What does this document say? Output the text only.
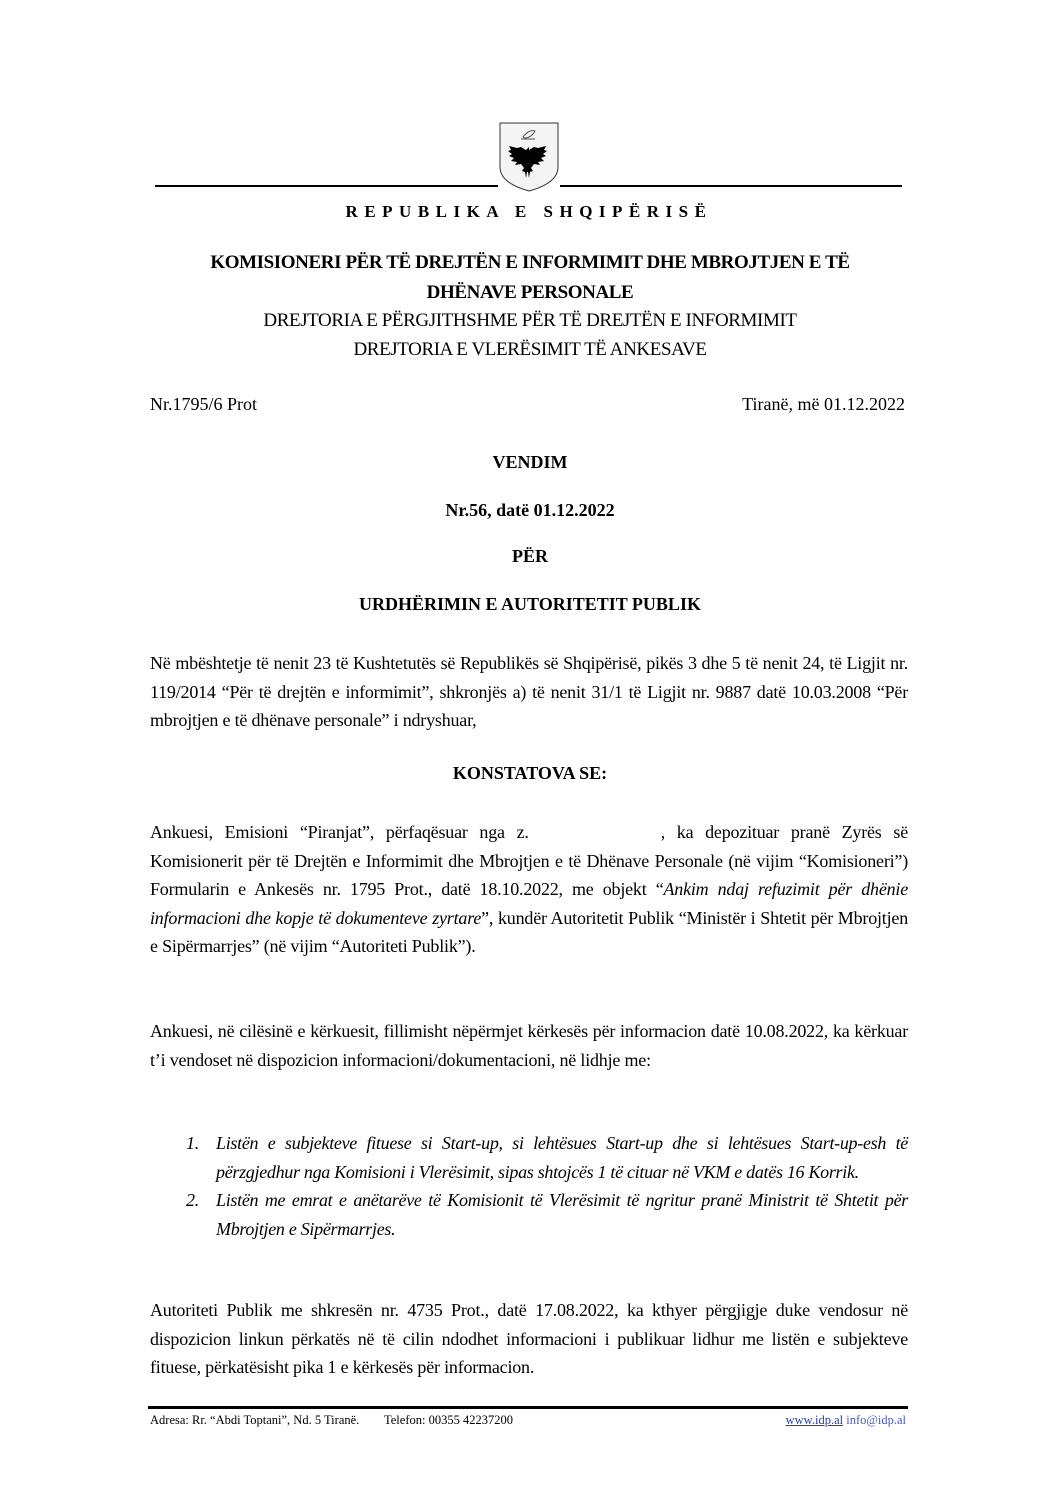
REPUBLIKA E SHQIPËRISË
KOMISIONERI PËR TË DREJTËN E INFORMIMIT DHE MBROJTJEN E TË
DHËNAVE PERSONALE
DREJTORIA E PËRGJITHSHME PËR TË DREJTËN E INFORMIMIT
DREJTORIA E VLERËSIMIT TË ANKESAVE
Nr.1795/6 Prot	Tiranë, më 01.12.2022
VENDIM
Nr.56, datë 01.12.2022
PËR
URDHËRIMIN E AUTORITETIT PUBLIK
Në mbështetje të nenit 23 të Kushtetutës së Republikës së Shqipërisë, pikës 3 dhe 5 të nenit 24, të Ligjit nr. 119/2014 “Për të drejtën e informimit”, shkronjës a) të nenit 31/1 të Ligjit nr. 9887 datë 10.03.2008 “Për mbrojtjen e të dhënave personale” i ndryshuar,
KONSTATOVA SE:
Ankuesi, Emisioni “Piranjat”, përfaqësuar nga z.	, ka depozituar pranë Zyrës së Komisionerit për të Drejtën e Informimit dhe Mbrojtjen e të Dhënave Personale (në vijim “Komisioneri”) Formularin e Ankesës nr. 1795 Prot., datë 18.10.2022, me objekt “Ankim ndaj refuzimit për dhënie informacioni dhe kopje të dokumenteve zyrtare”, kundër Autoritetit Publik “Ministër i Shtetit për Mbrojtjen e Sipërmarrjes” (në vijim “Autoriteti Publik”).
Ankuesi, në cilësinë e kërkuesit, fillimisht nëpërmjet kërkesës për informacion datë 10.08.2022, ka kërkuar t’i vendoset në dispozicion informacioni/dokumentacioni, në lidhje me:
1. Listën e subjekteve fituese si Start-up, si lehtësues Start-up dhe si lehtësues Start-up-esh të përzgjedhur nga Komisioni i Vlerësimit, sipas shtojcës 1 të cituar në VKM e datës 16 Korrik.
2. Listën me emrat e anëtarëve të Komisionit të Vlerësimit të ngritur pranë Ministrit të Shtetit për Mbrojtjen e Sipërmarrjes.
Autoriteti Publik me shkresën nr. 4735 Prot., datë 17.08.2022, ka kthyer përgjigje duke vendosur në dispozicion linkun përkatës në të cilin ndodhet informacioni i publikuar lidhur me listën e subjekteve fituese, përkatësisht pika 1 e kërkesës për informacion.
Adresa: Rr. “Abdi Toptani”, Nd. 5 Tiranë. Telefon: 00355 42237200	www.idp.al info@idp.al
